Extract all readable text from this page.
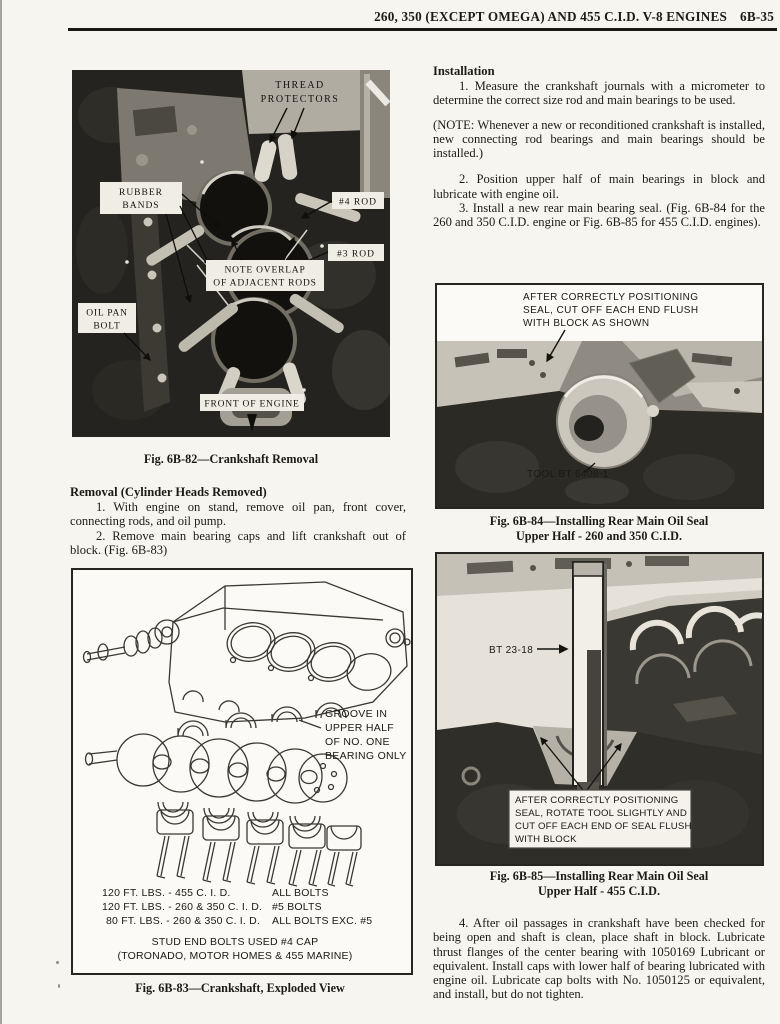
260, 350 (EXCEPT OMEGA) AND 455 C.I.D. V-8 ENGINES 6B-35
THREAD
PROTECTORS
RUBBER
BANDS	#4 ROD
#3 ROD
NOTE OVERLAP
OF ADJACENT RODS
OIL PAN
BOLT
FRONT OF ENGINE
Fig. 6B-82—Crankshaft Removal
Removal (Cylinder Heads Removed)

1. With engine on stand, remove oil pan, front cover, connecting rods, and oil pump.

2. Remove main bearing caps and lift crankshaft out of block. (Fig. 6B-83)

GROOVE IN
UPPER HALF
OF NO. ONE
BEARING ONLY
120 FT. LBS. - 455 C. I. D.	ALL BOLTS
120 FT. LBS. - 260 & 350 C. I. D. #5 BOLTS
80 FT. LBS. - 260 & 350 C. I. D. ALL BOLTS EXC. #5
STUD END BOLTS USED #4 CAP
(TORONADO, MOTOR HOMES & 455 MARINE)
Fig. 6B-83—Crankshaft, Exploded View
Installation

1. Measure the crankshaft journals with a micrometer to determine the correct size rod and main bearings to be used.

(NOTE: Whenever a new or reconditioned crankshaft is installed, new connecting rod bearings and main bearings should be installed.)

2. Position upper half of main bearings in block and lubricate with engine oil.

3. Install a new rear main bearing seal. (Fig. 6B-84 for the 260 and 350 C.I.D. engine or Fig. 6B-85 for 455 C.I.D. engines).

AFTER CORRECTLY POSITIONING
SEAL, CUT OFF EACH END FLUSH
WITH BLOCK AS SHOWN
TOOL BT 6408-1
Fig. 6B-84—Installing Rear Main Oil Seal
Upper Half - 260 and 350 C.I.D.
BT 23-18
AFTER CORRECTLY POSITIONING
SEAL, ROTATE TOOL SLIGHTLY AND
CUT OFF EACH END OF SEAL FLUSH
WITH BLOCK
Fig. 6B-85—Installing Rear Main Oil Seal
Upper Half - 455 C.I.D.

4. After oil passages in crankshaft have been checked for being open and shaft is clean, place shaft in block. Lubricate thrust flanges of the center bearing with 1050169 Lubricant or equivalent. Install caps with lower half of bearing lubricated with engine oil. Lubricate cap bolts with No. 1050125 or equivalent, and install, but do not tighten.
